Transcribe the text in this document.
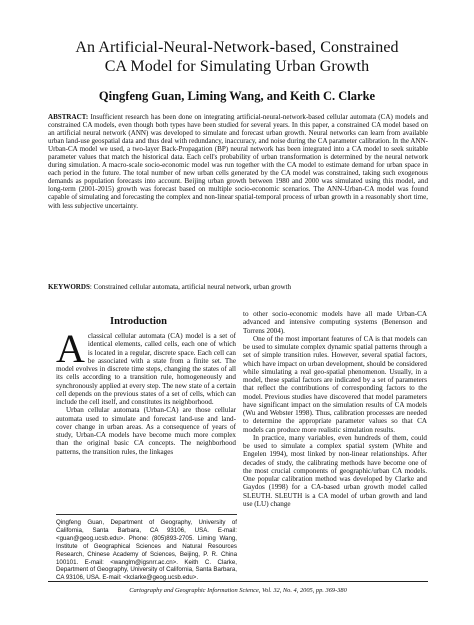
An Artificial-Neural-Network-based, Constrained
CA Model for Simulating Urban Growth
Qingfeng Guan, Liming Wang, and Keith C. Clarke
ABSTRACT: Insufficient research has been done on integrating artificial-neural-network-based cellular automata (CA) models and constrained CA models, even though both types have been studied for several years. In this paper, a constrained CA model based on an artificial neural network (ANN) was developed to simulate and forecast urban growth. Neural networks can learn from available urban land-use geospatial data and thus deal with redundancy, inaccuracy, and noise during the CA parameter calibration. In the ANN-Urban-CA model we used, a two-layer Back-Propagation (BP) neural network has been integrated into a CA model to seek suitable parameter values that match the historical data. Each cell's probability of urban transformation is determined by the neural network during simulation. A macro-scale socio-economic model was run together with the CA model to estimate demand for urban space in each period in the future. The total number of new urban cells generated by the CA model was constrained, taking such exogenous demands as population forecasts into account. Beijing urban growth between 1980 and 2000 was simulated using this model, and long-term (2001-2015) growth was forecast based on multiple socio-economic scenarios. The ANN-Urban-CA model was found capable of simulating and forecasting the complex and non-linear spatial-temporal process of urban growth in a reasonably short time, with less subjective uncertainty.
KEYWORDS: Constrained cellular automata, artificial neural network, urban growth
Introduction

Aclassical cellular automata (CA) model is a set of identical elements, called cells, each one of which is located in a regular, discrete space. Each cell can be associated with a state from a finite set. The model evolves in discrete time steps, changing the states of all its cells according to a transition rule, homogeneously and synchronously applied at every step. The new state of a certain cell depends on the previous states of a set of cells, which can include the cell itself, and constitutes its neighborhood.

Urban cellular automata (Urban-CA) are those cellular automata used to simulate and forecast land-use and land-cover change in urban areas. As a consequence of years of study, Urban-CA models have become much more complex than the original basic CA concepts. The neighborhood patterns, the transition rules, the linkages

Qingfeng Guan, Department of Geography, University of California, Santa Barbara, CA 93106, USA. E-mail: <guan@geog.ucsb.edu>. Phone: (805)893-2705. Liming Wang, Institute of Geographical Sciences and Natural Resources Research, Chinese Academy of Sciences, Beijing, P. R. China 100101. E-mail: <wanglm@igsnrr.ac.cn>. Keith C. Clarke, Department of Geography, University of California, Santa Barbara, CA 93106, USA. E-mail: <kclarke@geog.ucsb.edu>.

to other socio-economic models have all made Urban-CA advanced and intensive computing systems (Benenson and Torrens 2004).

One of the most important features of CA is that models can be used to simulate complex dynamic spatial patterns through a set of simple transition rules. However, several spatial factors, which have impact on urban development, should be considered while simulating a real geo-spatial phenomenon. Usually, in a model, these spatial factors are indicated by a set of parameters that reflect the contributions of corresponding factors to the model. Previous studies have discovered that model parameters have significant impact on the simulation results of CA models (Wu and Webster 1998). Thus, calibration processes are needed to determine the appropriate parameter values so that CA models can produce more realistic simulation results.

In practice, many variables, even hundreds of them, could be used to simulate a complex spatial system (White and Engelen 1994), most linked by non-linear relationships. After decades of study, the calibrating methods have become one of the most crucial components of geographic/urban CA models. One popular calibration method was developed by Clarke and Gaydos (1998) for a CA-based urban growth model called SLEUTH. SLEUTH is a CA model of urban growth and land use (LU) change

Cartography and Geographic Information Science, Vol. 32, No. 4, 2005, pp. 369-380
